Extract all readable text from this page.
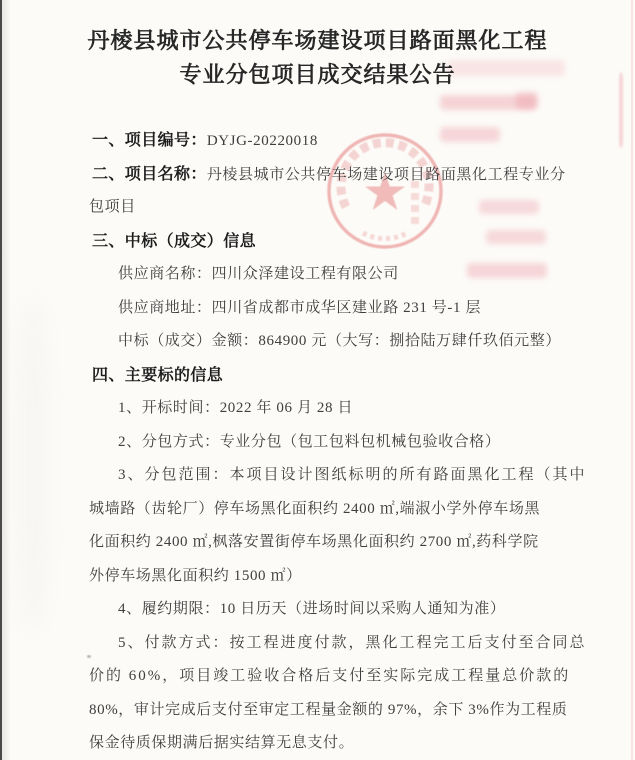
丹棱县城市公共停车场建设项目路面黑化工程
专业分包项目成交结果公告
一、项目编号：DYJG-20220018
二、项目名称：丹棱县城市公共停车场建设项目路面黑化工程专业分
包项目
三、中标（成交）信息
供应商名称：四川众泽建设工程有限公司
供应商地址：四川省成都市成华区建业路 231 号-1 层
中标（成交）金额：864900 元（大写：捌拾陆万肆仟玖佰元整）
四、主要标的信息
1、开标时间：2022 年 06 月 28 日
2、分包方式：专业分包（包工包料包机械包验收合格）
3、分包范围：本项目设计图纸标明的所有路面黑化工程（其中
城墙路（齿轮厂）停车场黑化面积约 2400 ㎡,端淑小学外停车场黑
化面积约 2400 ㎡,枫落安置街停车场黑化面积约 2700 ㎡,药科学院
外停车场黑化面积约 1500 ㎡）
4、履约期限：10 日历天（进场时间以采购人通知为准）
5、付款方式：按工程进度付款，黑化工程完工后支付至合同总
价的 60%，项目竣工验收合格后支付至实际完成工程量总价款的
80%，审计完成后支付至审定工程量金额的 97%，余下 3%作为工程质
保金待质保期满后据实结算无息支付。
